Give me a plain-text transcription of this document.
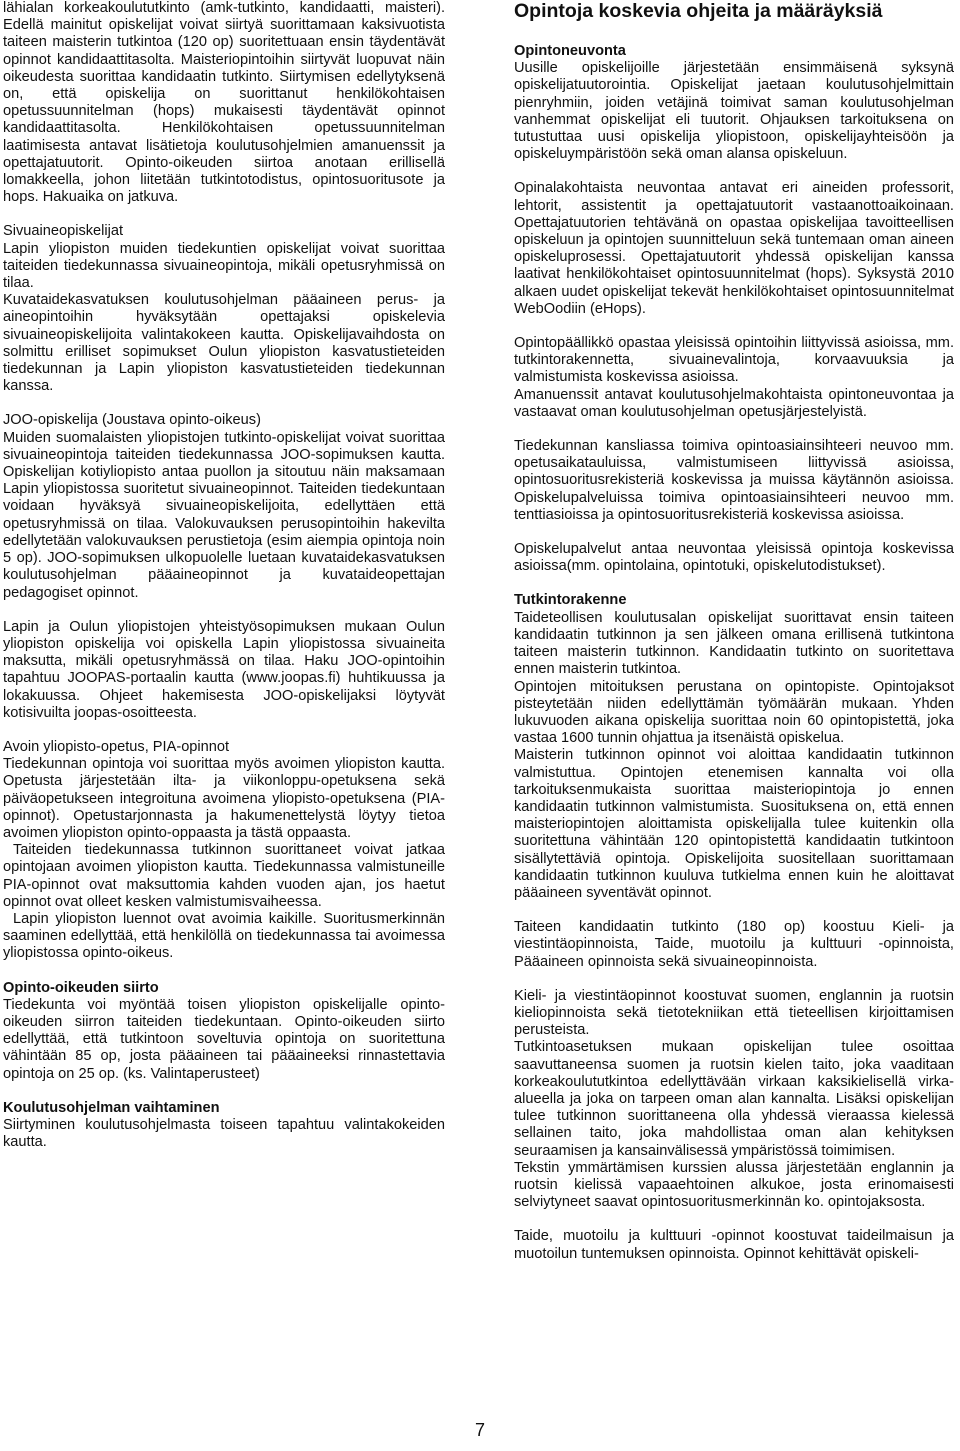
lähialan korkeakoulututkinto (amk-tutkinto, kandidaatti, maisteri). Edellä mainitut opiskelijat voivat siirtyä suorittamaan kaksivuotista taiteen maisterin tutkintoa (120 op) suoritettuaan ensin täydentävät opinnot kandidaattitasolta. Maisteriopintoihin siirtyvät luopuvat näin oikeudesta suorittaa kandidaatin tutkinto. Siirtymisen edellytyksenä on, että opiskelija on suorittanut henkilökohtaisen opetussuunnitelman (hops) mukaisesti täydentävät opinnot kandidaattitasolta. Henkilökohtaisen opetussuunnitelman laatimisesta antavat lisätietoja koulutusohjelmien amanuenssit ja opettajatuutorit. Opinto-oikeuden siirtoa anotaan erillisellä lomakkeella, johon liitetään tutkintotodistus, opintosuoritusote ja hops. Hakuaika on jatkuva.
Sivuaineopiskelijat
Lapin yliopiston muiden tiedekuntien opiskelijat voivat suorittaa taiteiden tiedekunnassa sivuaineopintoja, mikäli opetusryhmissä on tilaa.
Kuvataidekasvatuksen koulutusohjelman pääaineen perus- ja aineopintoihin hyväksytään opettajaksi opiskelevia sivuaineopiskelijoita valintakokeen kautta. Opiskelijavaihdosta on solmittu erilliset sopimukset Oulun yliopiston kasvatustieteiden tiedekunnan ja Lapin yliopiston kasvatustieteiden tiedekunnan kanssa.
JOO-opiskelija (Joustava opinto-oikeus)
Muiden suomalaisten yliopistojen tutkinto-opiskelijat voivat suorittaa sivuaineopintoja taiteiden tiedekunnassa JOO-sopimuksen kautta. Opiskelijan kotiyliopisto antaa puollon ja sitoutuu näin maksamaan Lapin yliopistossa suoritetut sivuaineopinnot. Taiteiden tiedekuntaan voidaan hyväksyä sivuaineopiskelijoita, edellyttäen että opetusryhmissä on tilaa. Valokuvauksen perusopintoihin hakevilta edellytetään valokuvauksen perustietoja (esim aiempia opintoja noin 5 op). JOO-sopimuksen ulkopuolelle luetaan kuvataidekasvatuksen koulutusohjelman pääaineopinnot ja kuvataideopettajan pedagogiset opinnot.
Lapin ja Oulun yliopistojen yhteistyösopimuksen mukaan Oulun yliopiston opiskelija voi opiskella Lapin yliopistossa sivuaineita maksutta, mikäli opetusryhmässä on tilaa. Haku JOO-opintoihin tapahtuu JOOPAS-portaalin kautta (www.joopas.fi) huhtikuussa ja lokakuussa. Ohjeet hakemisesta JOO-opiskelijaksi löytyvät kotisivuilta joopas-osoitteesta.
Avoin yliopisto-opetus, PIA-opinnot
Tiedekunnan opintoja voi suorittaa myös avoimen yliopiston kautta. Opetusta järjestetään ilta- ja viikonloppu-opetuksena sekä päiväopetukseen integroituna avoimena yliopisto-opetuksena (PIA-opinnot). Opetustarjonnasta ja hakumenettelystä löytyy tietoa avoimen yliopiston opinto-oppaasta ja tästä oppaasta.
Taiteiden tiedekunnassa tutkinnon suorittaneet voivat jatkaa opintojaan avoimen yliopiston kautta. Tiedekunnassa valmistuneille PIA-opinnot ovat maksuttomia kahden vuoden ajan, jos haetut opinnot ovat olleet kesken valmistumisvaiheessa.
Lapin yliopiston luennot ovat avoimia kaikille. Suoritusmerkinnän saaminen edellyttää, että henkilöllä on tiedekunnassa tai avoimessa yliopistossa opinto-oikeus.
Opinto-oikeuden siirto
Tiedekunta voi myöntää toisen yliopiston opiskelijalle opinto-oikeuden siirron taiteiden tiedekuntaan. Opinto-oikeuden siirto edellyttää, että tutkintoon soveltuvia opintoja on suoritettuna vähintään 85 op, josta pääaineen tai pääaineeksi rinnastettavia opintoja on 25 op. (ks. Valintaperusteet)
Koulutusohjelman vaihtaminen
Siirtyminen koulutusohjelmasta toiseen tapahtuu valintakokeiden kautta.
Opintoja koskevia ohjeita ja määräyksiä
Opintoneuvonta
Uusille opiskelijoille järjestetään ensimmäisenä syksynä opiskelijatuutorointia. Opiskelijat jaetaan koulutusohjelmittain pienryhmiin, joiden vetäjinä toimivat saman koulutusohjelman vanhemmat opiskelijat eli tuutorit. Ohjauksen tarkoituksena on tutustuttaa uusi opiskelija yliopistoon, opiskelijayhteisöön ja opiskeluympäristöön sekä oman alansa opiskeluun.
Opinalakohtaista neuvontaa antavat eri aineiden professorit, lehtorit, assistentit ja opettajatuutorit vastaanottoaikoinaan. Opettajatuutorien tehtävänä on opastaa opiskelijaa tavoitteellisen opiskeluun ja opintojen suunnitteluun sekä tuntemaan oman aineen opiskeluprosessi. Opettajatuutorit yhdessä opiskelijan kanssa laativat henkilökohtaiset opintosuunnitelmat (hops). Syksystä 2010 alkaen uudet opiskelijat tekevät henkilökohtaiset opintosuunnitelmat WebOodiin (eHops).
Opintopäällikkö opastaa yleisissä opintoihin liittyvissä asioissa, mm. tutkintorakennetta, sivuainevalintoja, korvaavuuksia ja valmistumista koskevissa asioissa.
Amanuenssit antavat koulutusohjelmakohtaista opintoneuvontaa ja vastaavat oman koulutusohjelman opetusjärjestelyistä.
Tiedekunnan kansliassa toimiva opintoasiainsihteeri neuvoo mm. opetusaikatauluissa, valmistumiseen liittyvissä asioissa, opintosuoritusrekisteriä koskevissa ja muissa käytännön asioissa. Opiskelupalveluissa toimiva opintoasiainsihteeri neuvoo mm. tenttiasioissa ja opintosuoritusrekisteriä koskevissa asioissa.
Opiskelupalvelut antaa neuvontaa yleisissä opintoja koskevissa asioissa(mm. opintolaina, opintotuki, opiskelutodistukset).
Tutkintorakenne
Taideteollisen koulutusalan opiskelijat suorittavat ensin taiteen kandidaatin tutkinnon ja sen jälkeen omana erillisenä tutkintona taiteen maisterin tutkinnon. Kandidaatin tutkinto on suoritettava ennen maisterin tutkintoa.
Opintojen mitoituksen perustana on opintopiste. Opintojaksot pisteytetään niiden edellyttämän työmäärän mukaan. Yhden lukuvuoden aikana opiskelija suorittaa noin 60 opintopistettä, joka vastaa 1600 tunnin ohjattua ja itsenäistä opiskelua.
Maisterin tutkinnon opinnot voi aloittaa kandidaatin tutkinnon valmistuttua. Opintojen etenemisen kannalta voi olla tarkoituksenmukaista suorittaa maisteriopintoja jo ennen kandidaatin tutkinnon valmistumista. Suosituksena on, että ennen maisteriopintojen aloittamista opiskelijalla tulee kuitenkin olla suoritettuna vähintään 120 opintopistettä kandidaatin tutkintoon sisällytettäviä opintoja. Opiskelijoita suositellaan suorittamaan kandidaatin tutkinnon kuuluva tutkielma ennen kuin he aloittavat pääaineen syventävät opinnot.
Taiteen kandidaatin tutkinto (180 op) koostuu Kieli- ja viestintäopinnoista, Taide, muotoilu ja kulttuuri -opinnoista, Pääaineen opinnoista sekä sivuaineopinnoista.
Kieli- ja viestintäopinnot koostuvat suomen, englannin ja ruotsin kieliopinnoista sekä tietotekniikan että tieteellisen kirjoittamisen perusteista.
Tutkintoasetuksen mukaan opiskelijan tulee osoittaa saavuttaneensa suomen ja ruotsin kielen taito, joka vaaditaan korkeakoulututkintoa edellyttävään virkaan kaksikielisellä virka-alueella ja joka on tarpeen oman alan kannalta. Lisäksi opiskelijan tulee tutkinnon suorittaneena olla yhdessä vieraassa kielessä sellainen taito, joka mahdollistaa oman alan kehityksen seuraamisen ja kansainvälisessä ympäristössä toimimisen.
Tekstin ymmärtämisen kurssien alussa järjestetään englannin ja ruotsin kielissä vapaaehtoinen alkukoe, josta erinomaisesti selviytyneet saavat opintosuoritusmerkinnän ko. opintojaksosta.
Taide, muotoilu ja kulttuuri -opinnot koostuvat taideilmaisun ja muotoilun tuntemuksen opinnoista. Opinnot kehittävät opiskeli-
7
